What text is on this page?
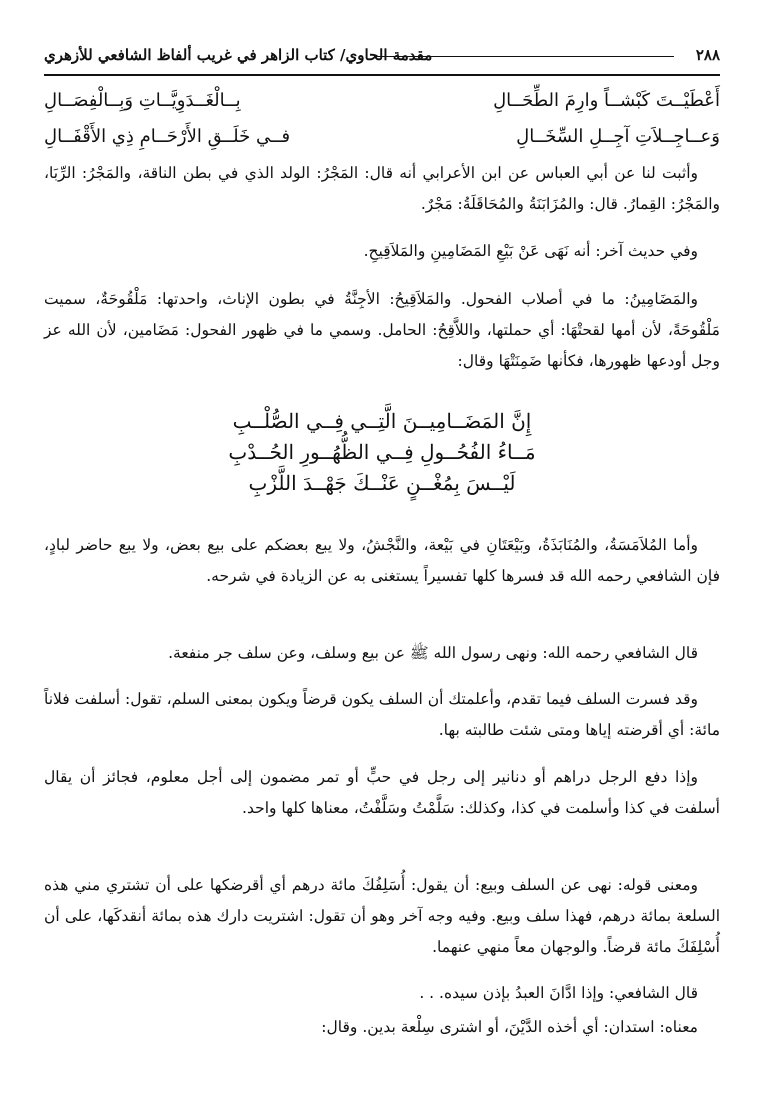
٢٨٨
مقدمة الحاوي/ كتاب الزاهر في غريب ألفاظ الشافعي للأزهري
أَعْطَيْــتَ كَبْشــاً وارِمَ الطِّحَــالِ
بِــالْغَــدَوِيَّــاتِ وَبِــالْفِصَــالِ
وَعــاجِــلاَتِ آجِــلِ السِّخَــالِ
فــي خَلَــقِ الأَرْحَــامِ ذِي الأَقْفَــالِ

وأثبت لنا عن أبي العباس عن ابن الأعرابي أنه قال: المَجْرُ: الولد الذي في بطن الناقة، والمَجْرُ: الرِّبَا، والمَجْرُ: القِمارُ. قال: والمُزَابَنَةُ والمُحَاقَلَةُ: مَجْرٌ.

وفي حديث آخر: أنه نَهَى عَنْ بَيْعِ المَضَامِينِ والمَلاَقِيحِ.

والمَضَامِينُ: ما في أصلاب الفحول. والمَلاَقِيحُ: الأجِنَّةُ في بطون الإناث، واحدتها: مَلْقُوحَةٌ، سميت مَلْقُوحَةً، لأن أمها لقحتْهَا: أي حملتها، واللاَّقِحُ: الحامل. وسمي ما في ظهور الفحول: مَضَامين، لأن الله عز وجل أودعها ظهورها، فكأنها ضَمِنَتْهَا وقال:

إِنَّ المَضَــامِيــنَ الَّتِــي فِــي الصُّلْــبِ
مَــاءُ الفُحُــولِ فِــي الظُّهُــورِ الحُــدْبِ
لَيْــسَ بِمُغْــنٍ عَنْــكَ جَهْــدَ اللَّزْبِ

وأما المُلاَمَسَةُ، والمُنَابَذَةُ، وبَيْعَتَانِ في بَيْعة، والنَّجْشُ، ولا يبع بعضكم على بيع بعض، ولا يبع حاضر لبادٍ، فإن الشافعي رحمه الله قد فسرها كلها تفسيراً يستغنى به عن الزيادة في شرحه.

قال الشافعي رحمه الله: ونهى رسول الله ﷺ عن بيع وسلف، وعن سلف جر منفعة.

وقد فسرت السلف فيما تقدم، وأعلمتك أن السلف يكون قرضاً ويكون بمعنى السلم، تقول: أسلفت فلاناً مائة: أي أقرضته إياها ومتى شئت طالبته بها.

وإذا دفع الرجل دراهم أو دنانير إلى رجل في حبٍّ أو تمر مضمون إلى أجل معلوم، فجائز أن يقال أسلفت في كذا وأسلمت في كذا، وكذلك: سَلَّمْتُ وسَلَّفْتُ، معناها كلها واحد.

ومعنى قوله: نهى عن السلف وبيع: أن يقول: أُسَلِفُكَ مائة درهم أي أقرضكها على أن تشتري مني هذه السلعة بمائة درهم، فهذا سلف وبيع. وفيه وجه آخر وهو أن تقول: اشتريت دارك هذه بمائة أنقدكَها، على أن أُسْلِفَكَ مائة قرضاً. والوجهان معاً منهي عنهما.

قال الشافعي: وإذا ادَّانَ العبدُ بإذن سيده. . .

معناه: استدان: أي أخذه الدَّيْنَ، أو اشترى سِلْعة بدين. وقال:
